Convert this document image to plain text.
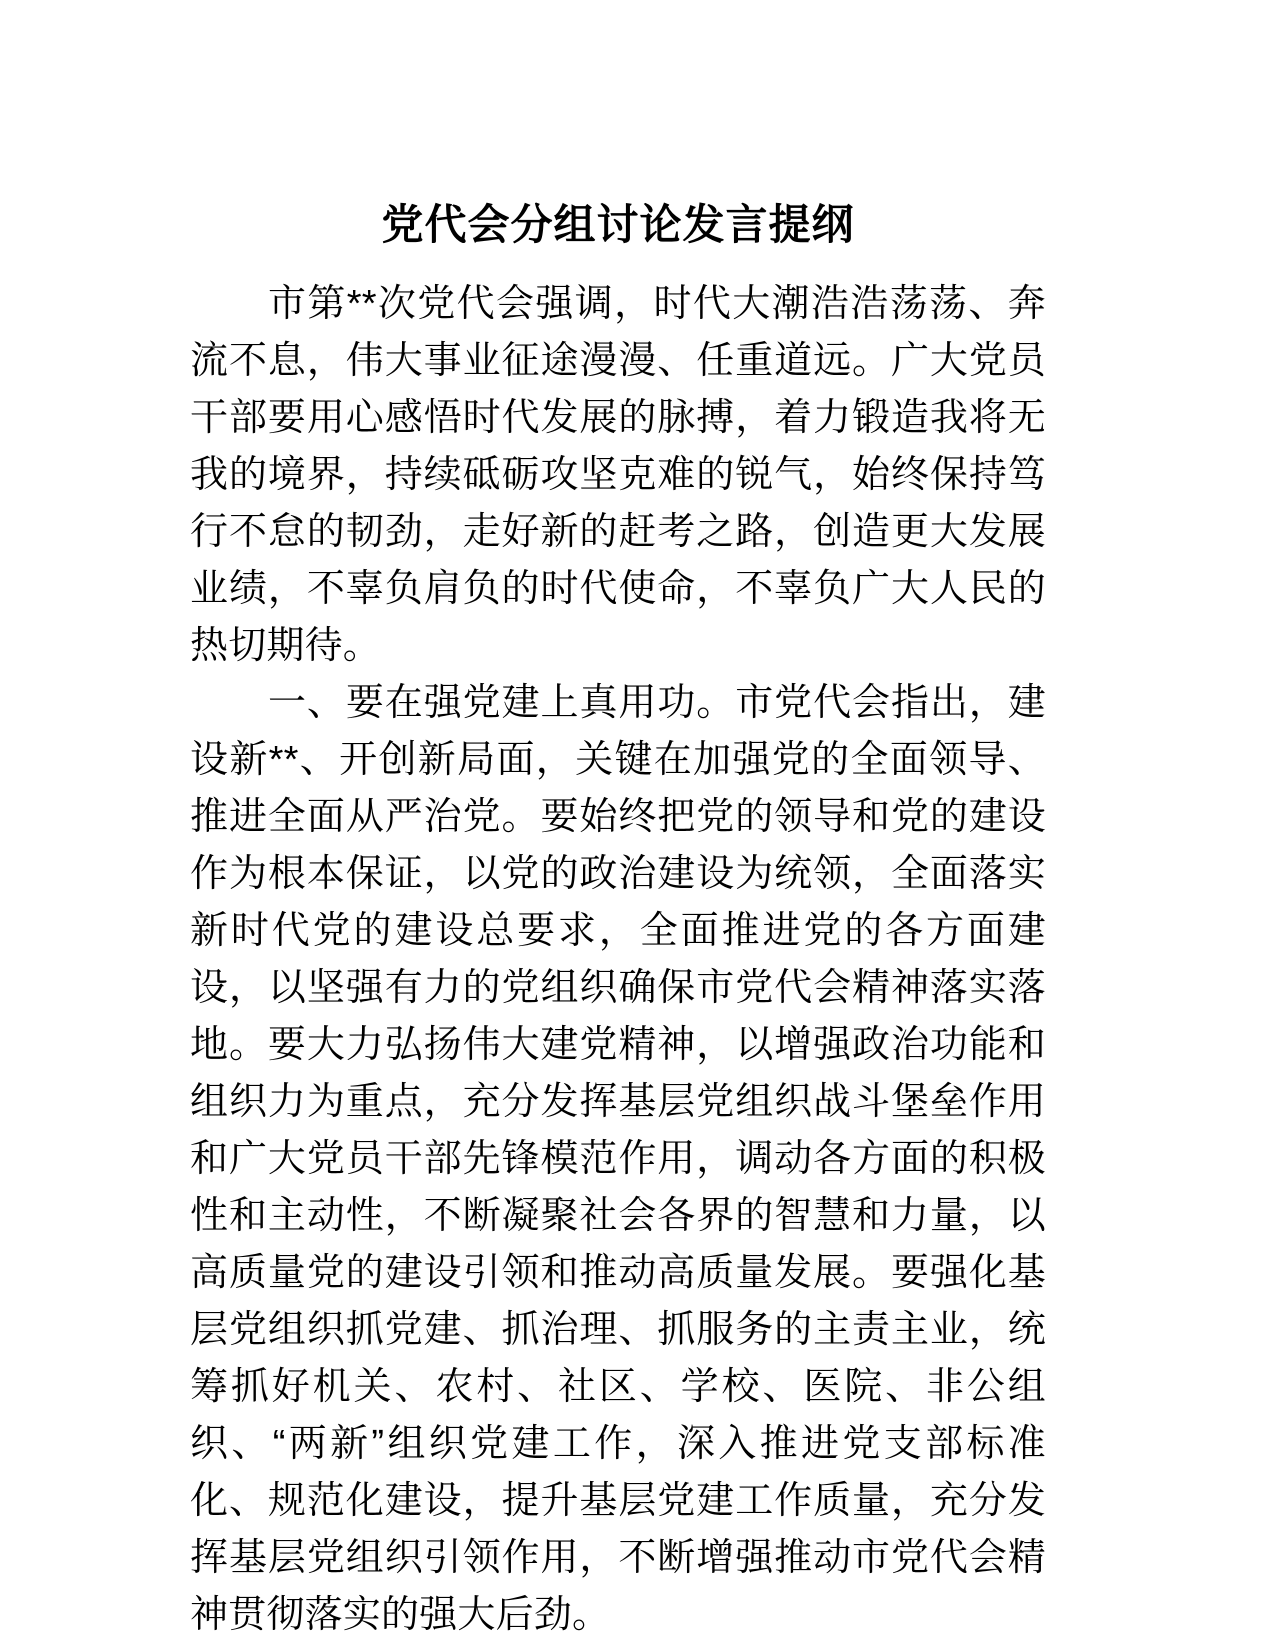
党代会分组讨论发言提纲

市第**次党代会强调，时代大潮浩浩荡荡、奔流不息，伟大事业征途漫漫、任重道远。广大党员干部要用心感悟时代发展的脉搏，着力锻造我将无我的境界，持续砥砺攻坚克难的锐气，始终保持笃行不怠的韧劲，走好新的赶考之路，创造更大发展业绩，不辜负肩负的时代使命，不辜负广大人民的热切期待。

一、要在强党建上真用功。市党代会指出，建设新**、开创新局面，关键在加强党的全面领导、推进全面从严治党。要始终把党的领导和党的建设作为根本保证，以党的政治建设为统领，全面落实新时代党的建设总要求，全面推进党的各方面建设，以坚强有力的党组织确保市党代会精神落实落地。要大力弘扬伟大建党精神，以增强政治功能和组织力为重点，充分发挥基层党组织战斗堡垒作用和广大党员干部先锋模范作用，调动各方面的积极性和主动性，不断凝聚社会各界的智慧和力量，以高质量党的建设引领和推动高质量发展。要强化基层党组织抓党建、抓治理、抓服务的主责主业，统筹抓好机关、农村、社区、学校、医院、非公组织、“两新”组织党建工作，深入推进党支部标准化、规范化建设，提升基层党建工作质量，充分发挥基层党组织引领作用，不断增强推动市党代会精神贯彻落实的强大后劲。
